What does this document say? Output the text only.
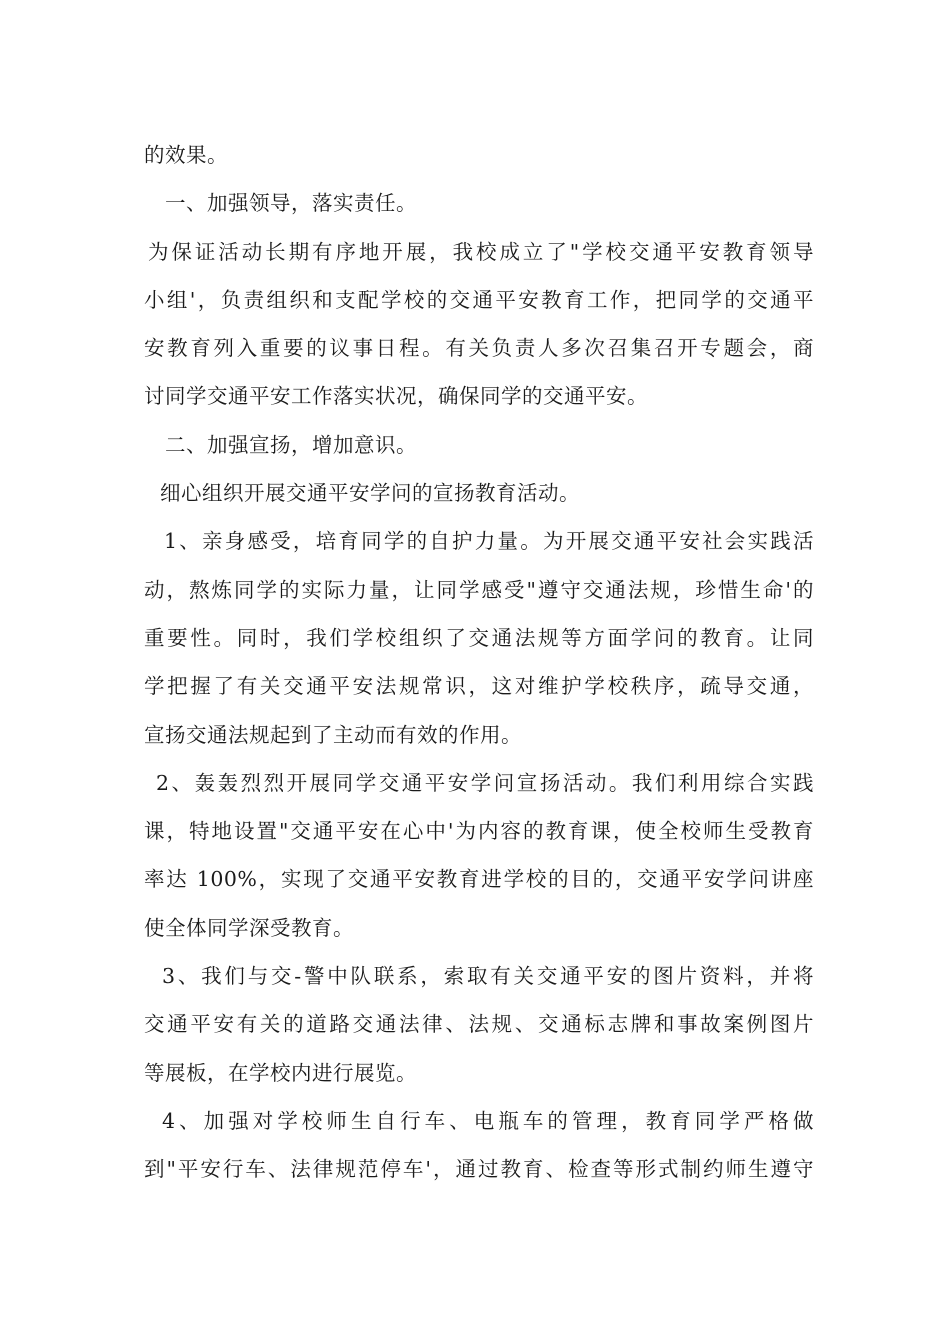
的效果。
一、加强领导，落实责任。
为保证活动长期有序地开展，我校成立了"学校交通平安教育领导
小组'，负责组织和支配学校的交通平安教育工作，把同学的交通平
安教育列入重要的议事日程。有关负责人多次召集召开专题会，商
讨同学交通平安工作落实状况，确保同学的交通平安。
二、加强宣扬，增加意识。
细心组织开展交通平安学问的宣扬教育活动。
1、亲身感受，培育同学的自护力量。为开展交通平安社会实践活
动，熬炼同学的实际力量，让同学感受"遵守交通法规，珍惜生命'的
重要性。同时，我们学校组织了交通法规等方面学问的教育。让同
学把握了有关交通平安法规常识，这对维护学校秩序，疏导交通，
宣扬交通法规起到了主动而有效的作用。
2、轰轰烈烈开展同学交通平安学问宣扬活动。我们利用综合实践
课，特地设置"交通平安在心中'为内容的教育课，使全校师生受教育
率达 100%，实现了交通平安教育进学校的目的，交通平安学问讲座
使全体同学深受教育。
3、我们与交-警中队联系，索取有关交通平安的图片资料，并将
交通平安有关的道路交通法律、法规、交通标志牌和事故案例图片
等展板，在学校内进行展览。
4、加强对学校师生自行车、电瓶车的管理，教育同学严格做
到"平安行车、法律规范停车'，通过教育、检查等形式制约师生遵守
